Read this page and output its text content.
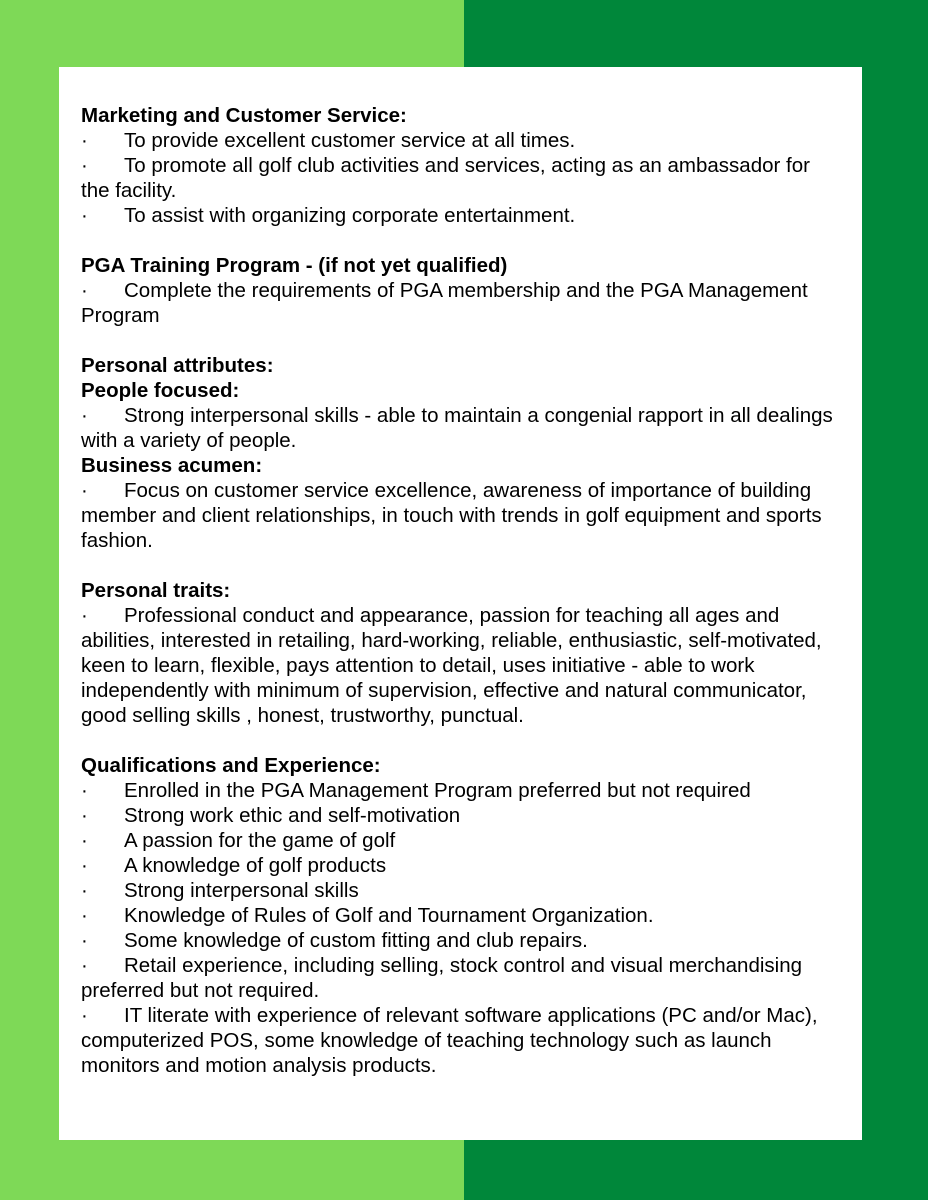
Marketing and Customer Service:
· To provide excellent customer service at all times.
· To promote all golf club activities and services, acting as an ambassador for the facility.
· To assist with organizing corporate entertainment.
PGA Training Program - (if not yet qualified)
· Complete the requirements of PGA membership and the PGA Management Program
Personal attributes:
People focused:
· Strong interpersonal skills - able to maintain a congenial rapport in all dealings with a variety of people.
Business acumen:
· Focus on customer service excellence, awareness of importance of building member and client relationships, in touch with trends in golf equipment and sports fashion.
Personal traits:
· Professional conduct and appearance, passion for teaching all ages and abilities, interested in retailing, hard-working, reliable, enthusiastic, self-motivated, keen to learn, flexible, pays attention to detail, uses initiative - able to work independently with minimum of supervision, effective and natural communicator, good selling skills , honest, trustworthy, punctual.
Qualifications and Experience:
· Enrolled in the PGA Management Program preferred but not required
· Strong work ethic and self-motivation
· A passion for the game of golf
· A knowledge of golf products
· Strong interpersonal skills
· Knowledge of Rules of Golf and Tournament Organization.
· Some knowledge of custom fitting and club repairs.
· Retail experience, including selling, stock control and visual merchandising preferred but not required.
· IT literate with experience of relevant software applications (PC and/or Mac), computerized POS, some knowledge of teaching technology such as launch monitors and motion analysis products.
